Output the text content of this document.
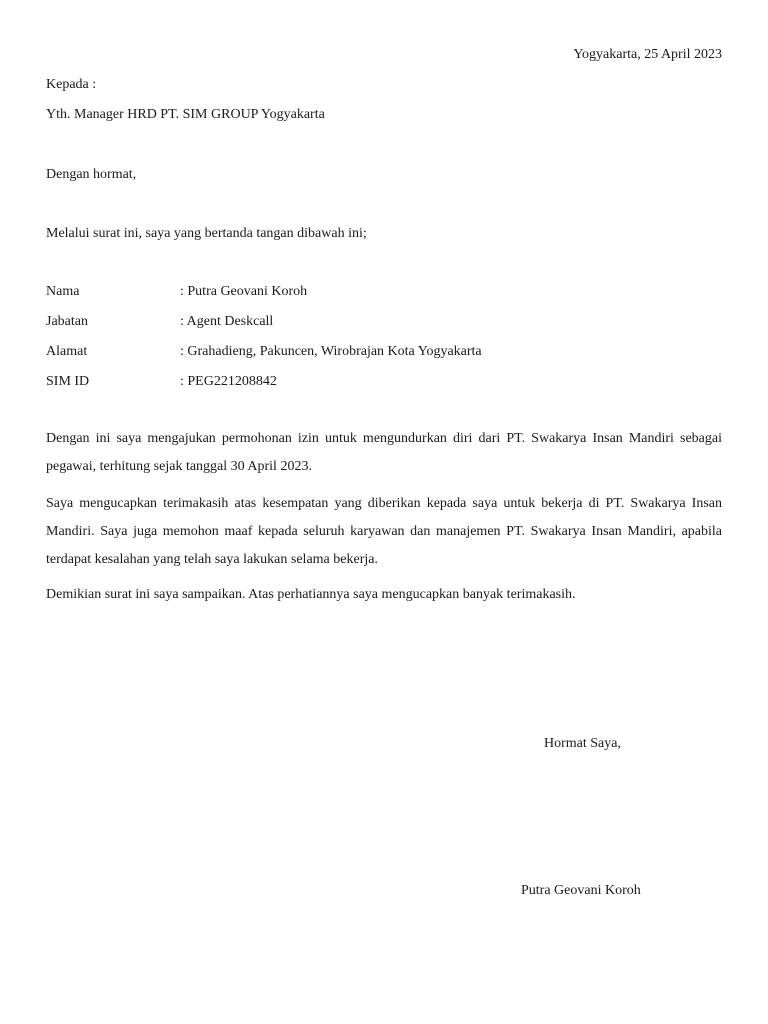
Yogyakarta, 25 April 2023
Kepada :
Yth. Manager HRD PT. SIM GROUP Yogyakarta
Dengan hormat,
Melalui surat ini, saya yang bertanda tangan dibawah ini;
Nama	: Putra Geovani Koroh
Jabatan	: Agent Deskcall
Alamat	: Grahadieng, Pakuncen, Wirobrajan Kota Yogyakarta
SIM ID	: PEG221208842
Dengan ini saya mengajukan permohonan izin untuk mengundurkan diri dari PT. Swakarya Insan Mandiri sebagai pegawai, terhitung sejak tanggal 30 April 2023.
Saya mengucapkan terimakasih atas kesempatan yang diberikan kepada saya untuk bekerja di PT. Swakarya Insan Mandiri. Saya juga memohon maaf kepada seluruh karyawan dan manajemen PT. Swakarya Insan Mandiri, apabila terdapat kesalahan yang telah saya lakukan selama bekerja.
Demikian surat ini saya sampaikan. Atas perhatiannya saya mengucapkan banyak terimakasih.
Hormat Saya,
Putra Geovani Koroh
